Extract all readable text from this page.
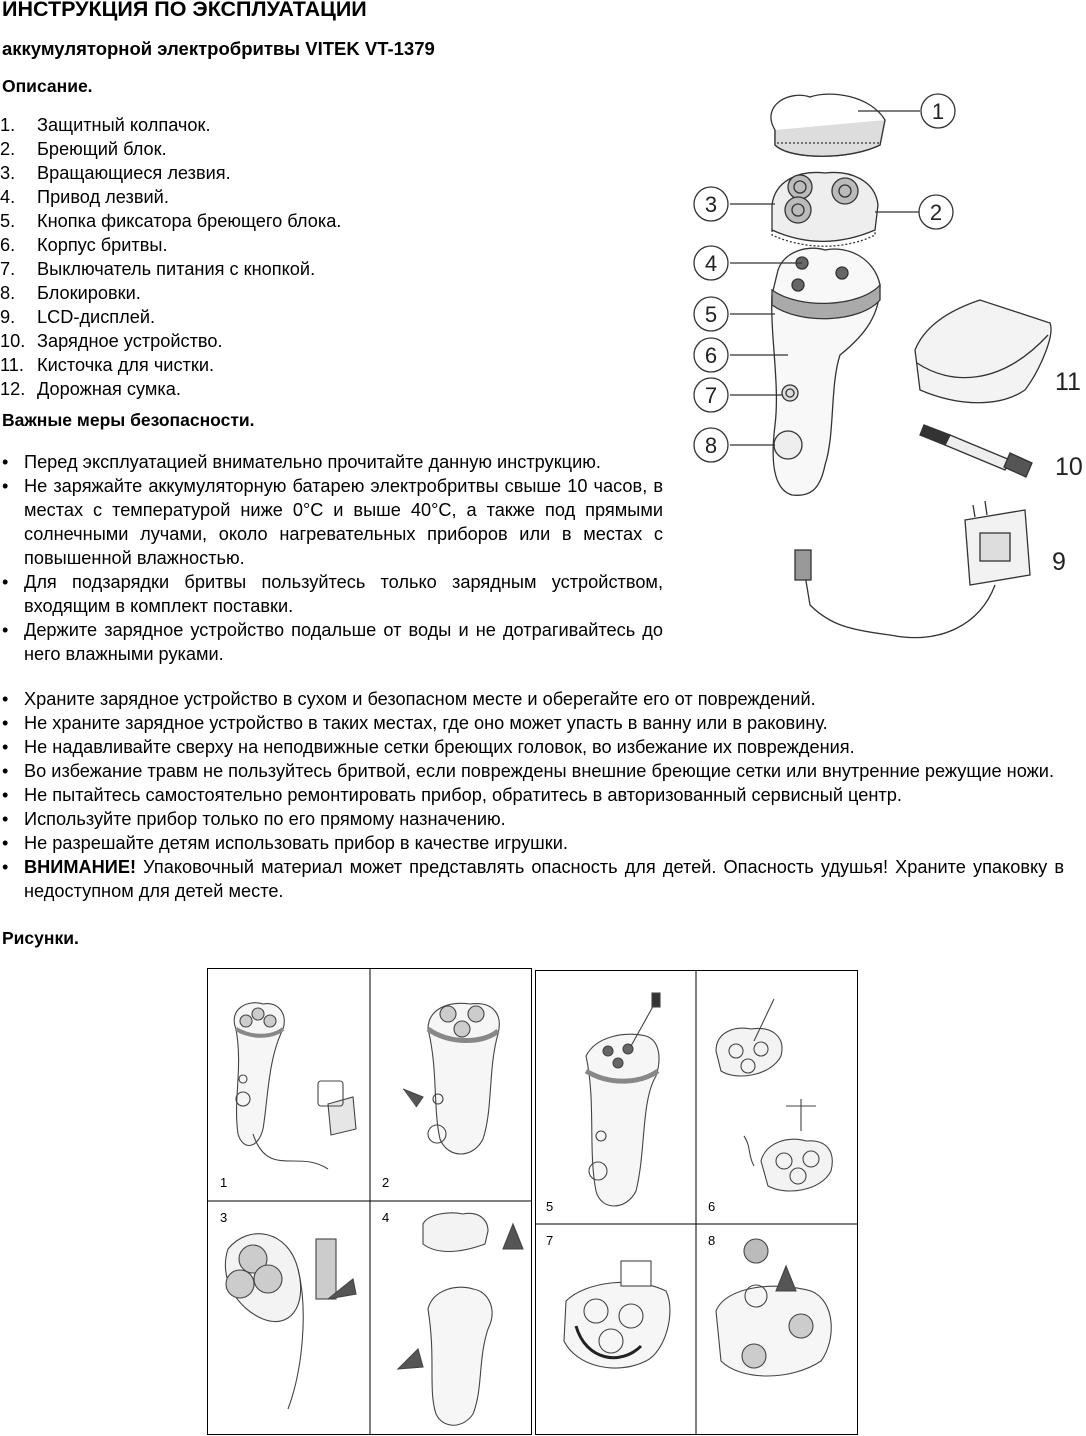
ИНСТРУКЦИЯ ПО ЭКСПЛУАТАЦИИ
аккумуляторной электробритвы VITEK VT-1379
Описание.
1. Защитный колпачок.
2. Бреющий блок.
3. Вращающиеся лезвия.
4. Привод лезвий.
5. Кнопка фиксатора бреющего блока.
6. Корпус бритвы.
7. Выключатель питания с кнопкой.
8. Блокировки.
9. LCD-дисплей.
10. Зарядное устройство.
11. Кисточка для чистки.
12. Дорожная сумка.
Важные меры безопасности.
• Перед эксплуатацией внимательно прочитайте данную инструкцию.
• Не заряжайте аккумуляторную батарею электробритвы свыше 10 часов, в местах с температурой ниже 0°С и выше 40°С, а также под прямыми солнечными лучами, около нагревательных приборов или в местах с повышенной влажностью.
• Для подзарядки бритвы пользуйтесь только зарядным устройством, входящим в комплект поставки.
• Держите зарядное устройство подальше от воды и не дотрагивайтесь до него влажными руками.
• Храните зарядное устройство в сухом и безопасном месте и оберегайте его от повреждений.
• Не храните зарядное устройство в таких местах, где оно может упасть в ванну или в раковину.
• Не надавливайте сверху на неподвижные сетки бреющих головок, во избежание их повреждения.
• Во избежание травм не пользуйтесь бритвой, если повреждены внешние бреющие сетки или внутренние режущие ножи.
• Не пытайтесь самостоятельно ремонтировать прибор, обратитесь в авторизованный сервисный центр.
• Используйте прибор только по его прямому назначению.
• Не разрешайте детям использовать прибор в качестве игрушки.
• ВНИМАНИЕ! Упаковочный материал может представлять опасность для детей. Опасность удушья! Храните упаковку в недоступном для детей месте.
Рисунки.
1
2
3
4
5
6
7
8
9
10
11
1	2
3	4
5	6
7	8
